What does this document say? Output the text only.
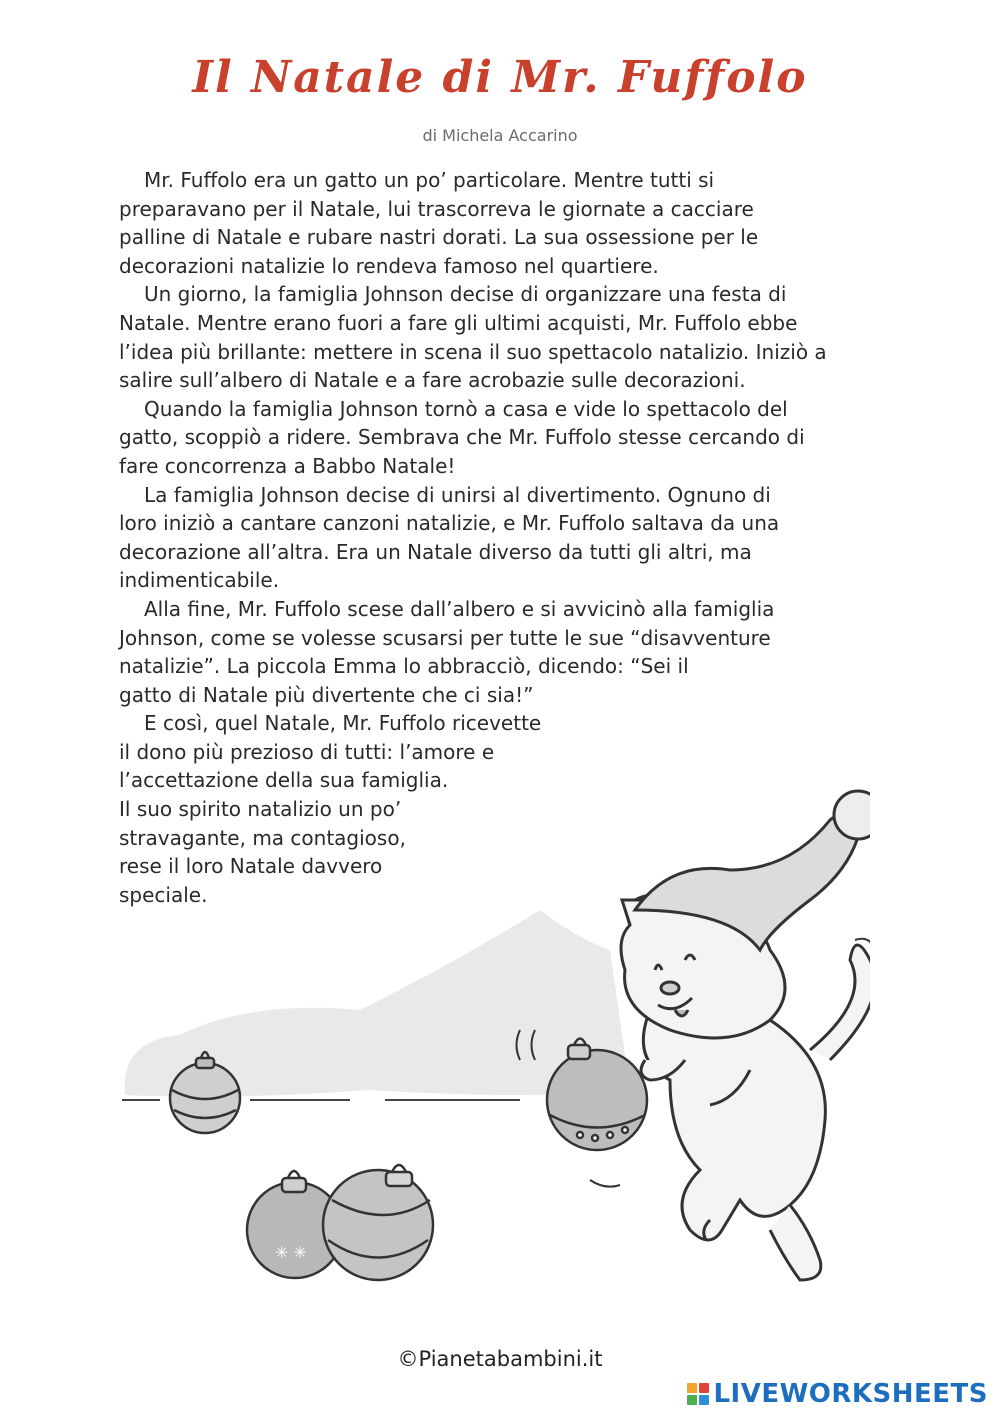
Il Natale di Mr. Fuffolo
di Michela Accarino
Mr. Fuffolo era un gatto un po’ particolare. Mentre tutti si
preparavano per il Natale, lui trascorreva le giornate a cacciare
palline di Natale e rubare nastri dorati. La sua ossessione per le
decorazioni natalizie lo rendeva famoso nel quartiere.
Un giorno, la famiglia Johnson decise di organizzare una festa di
Natale. Mentre erano fuori a fare gli ultimi acquisti, Mr. Fuffolo ebbe
l’idea più brillante: mettere in scena il suo spettacolo natalizio. Iniziò a
salire sull’albero di Natale e a fare acrobazie sulle decorazioni.
Quando la famiglia Johnson tornò a casa e vide lo spettacolo del
gatto, scoppiò a ridere. Sembrava che Mr. Fuffolo stesse cercando di
fare concorrenza a Babbo Natale!
La famiglia Johnson decise di unirsi al divertimento. Ognuno di
loro iniziò a cantare canzoni natalizie, e Mr. Fuffolo saltava da una
decorazione all’altra. Era un Natale diverso da tutti gli altri, ma
indimenticabile.
Alla fine, Mr. Fuffolo scese dall’albero e si avvicinò alla famiglia
Johnson, come se volesse scusarsi per tutte le sue “disavventure
natalizie”. La piccola Emma lo abbracciò, dicendo: “Sei il
gatto di Natale più divertente che ci sia!”
E così, quel Natale, Mr. Fuffolo ricevette
il dono più prezioso di tutti: l’amore e
l’accettazione della sua famiglia.
Il suo spirito natalizio un po’
stravagante, ma contagioso,
rese il loro Natale davvero
speciale.
✳ ✳
©Pianetabambini.it
LIVEWORKSHEETS
